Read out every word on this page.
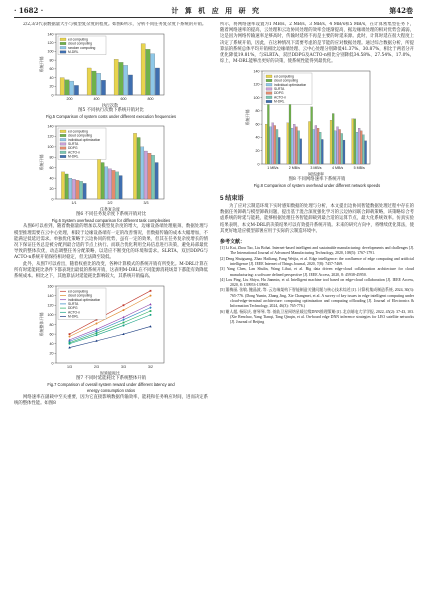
· 1682 ·	计 算 机 应 用 研 究	第42卷

2/2,3/3代表数据量大小与模型复杂度的程度。如图6所示，分析不同任务复杂度下系统的开销。

0
20
40
60
80
100
120
140
系统开销
执行次数
200	400	600	800
ed computing
cloud computing
random computing
M-DRL
图5 不同执行次数下系统开销对比
Fig.5 Comparison of system costs under different execution frequencies
0
20
40
60
80
100
120
140
系统开销
任务复杂度
1/1	2/2	3/3
ed computing
cloud computing
individual optimization
SLRTA
DDPG
ACTO-n
M-DRL
图6 不同任务复杂度下系统开销对比
Fig.6 System overhead comparison for different task complexities

从图6可以看到，随着数据量的增加以及模型复杂度的增大，边缘设备端处理瓶颈、数据处理与模型推理需要在云中心处理，相较于边缘设备端有一定的改善情况，但数据传输的成本大幅增加，不能满足低延迟需求。单独优化策略于云边协同的优势，虽有一定的效果，但其在任务复杂度增长的情况下保证任务总是被分配到最合适的节点上执行。而联合优化利用全局信息进行决策，避免局部最优导致的整体次优，动态调整任务分配策略，以适应不断变化的环境和需求。SLRTA、双层DDPG与ACTO-n系统开销保持相对稳定，但无法降至较低。

此外，从图7可以看出，随着权重比的改变，各种计算模式的系统开销有所变化。M-DRL计算在所有时延能耗比条件下都表现出最低的系统开销，这表明M-DRL在不同能源消耗场景下都能有效降低系统成本。相比之下，其他算法对延能耗比影响较大，其系统开销偏高。

0
20
40
60
80
100
120
140
160
系统整体开销
时延能耗比
1/3	2/3	3/3	3/2
ed computing
cloud computing
individual optimization
SLRTA
DDPG
ACTO-n
M-DRL
图7 不同时延能耗比下系统整体开销
Fig.7 Comparison of overall system reward under different latency and
energy consumption ratios

网络速率在副载中至关重要，因为它直接影响数据传输效率，能耗和任务响应时间，进而决定系统的整体性能。如图8

所示，将网络速率设置为1 MB/s、2 MB/s、3 MB/s、4 MB/s和5 MB/s，在计算密集型任务下，随着网络速率的提高，云处理和云边协同处理的效率会逐渐提高，据边缘端处理的相对优势会减弱，这是因为网络传输速率足够高时，传输时延将不再是主要的时延来源。此时，计算时延在很大程度上决定了系统开销，因此，在这种情况下需要考虑的是节能的应对数据处理。通过综合数据分析，所提算法的系统总体平均开销相比边缘端处理、云中心处理分别降低41.37%、30.87%，相比于两者分开优化降低19.81%，与SLRTA、双层DDPG及ACTO-n相比分别降低34.58%、27.54%、17.0%。综上，M-DRL能够出更好的决策，使系统性能得到最优化。

0
20
40
60
80
100
120
140
系统开销
网络速率
1 MB/s	2 MB/s	3 MB/s	4 MB/s	5 MB/s
ed computing
cloud computing
individual optimization
SLRTA
DDPG
ACTO-n
M-DRL
图8 不同网络速率下系统开销
Fig.8 Comparison of system overhead under different network speeds
5 结束语

为了应对云制造环境下实时感知数据的处理与分析，本文提出边协同智能数据处理过程中存在的数据任务卸载与模型卸载问题，提出基于混合深度强化学习的云边协同联合卸载策略，该策略综合考虑系统的时延与能耗，能够根据处理任务智能卸载到最合适的运算节点，最大化系统效率。仿真实验结果表明，本文M-DRL的决策结果可以有效提升系统开销。未来的研究方向中，将继续优化算法，使其更好地适应模型部署应用于实际的云制造环境中。

参考文献：

[1] Li Kai, Zhou Tao, Liu Bohai. Internet-based intelligent and sustainable manufacturing: developments and challenges [J]. The International Journal of Advanced Manufacturing Technology, 2020, 108(5): 1767-1791.

[2] Deng Shuiguang, Zhao Hailiang, Fang Weijia, et al. Edge intelligence: the confluence of edge computing and artificial intelligence [J]. IEEE Internet of Things Journal, 2020, 7(8): 7457-7469.

[3] Yang Chen, Lan Shulin, Wang Lihui, et al. Big data driven edge-cloud collaboration architecture for cloud manufacturing: a software defined perspective [J]. IEEE Access, 2020, 8: 45938-45950.

[4] Lou Ping, Liu Shiyu, Hu Jianmin, et al. Intelligent machine tool based on edge-cloud collaboration [J]. IEEE Access, 2020, 8: 139953-139965.

[5] 董梅丽, 张敏, 鲍晶波, 等. 云边端架构下智能制造关键问题与核心技术综述 [J]. 计算机集成制造系统, 2024, 30(3): 765-776. (Dong Yumin, Zhang Jing, Xie Changmei, et al. A survey of key issues in edge intelligent computing under cloud-edge-terminal architecture: computing optimization and computing offloading [J]. Journal of Electronics & Information Technology, 2024, 46(3): 765-776.)

[6] 谢人超, 杨际庆, 唐琴琴, 等. 低轨卫星网络星载边缘DNN推理策略 [J]. 北京邮电大学学报, 2022, 45(2): 37-43, 103. (Xie Renchao, Yang Tianqi, Tang Qinqin, et al. On-board edge DNN inference strategies for LEO satellite networks [J]. Journal of Beijing
